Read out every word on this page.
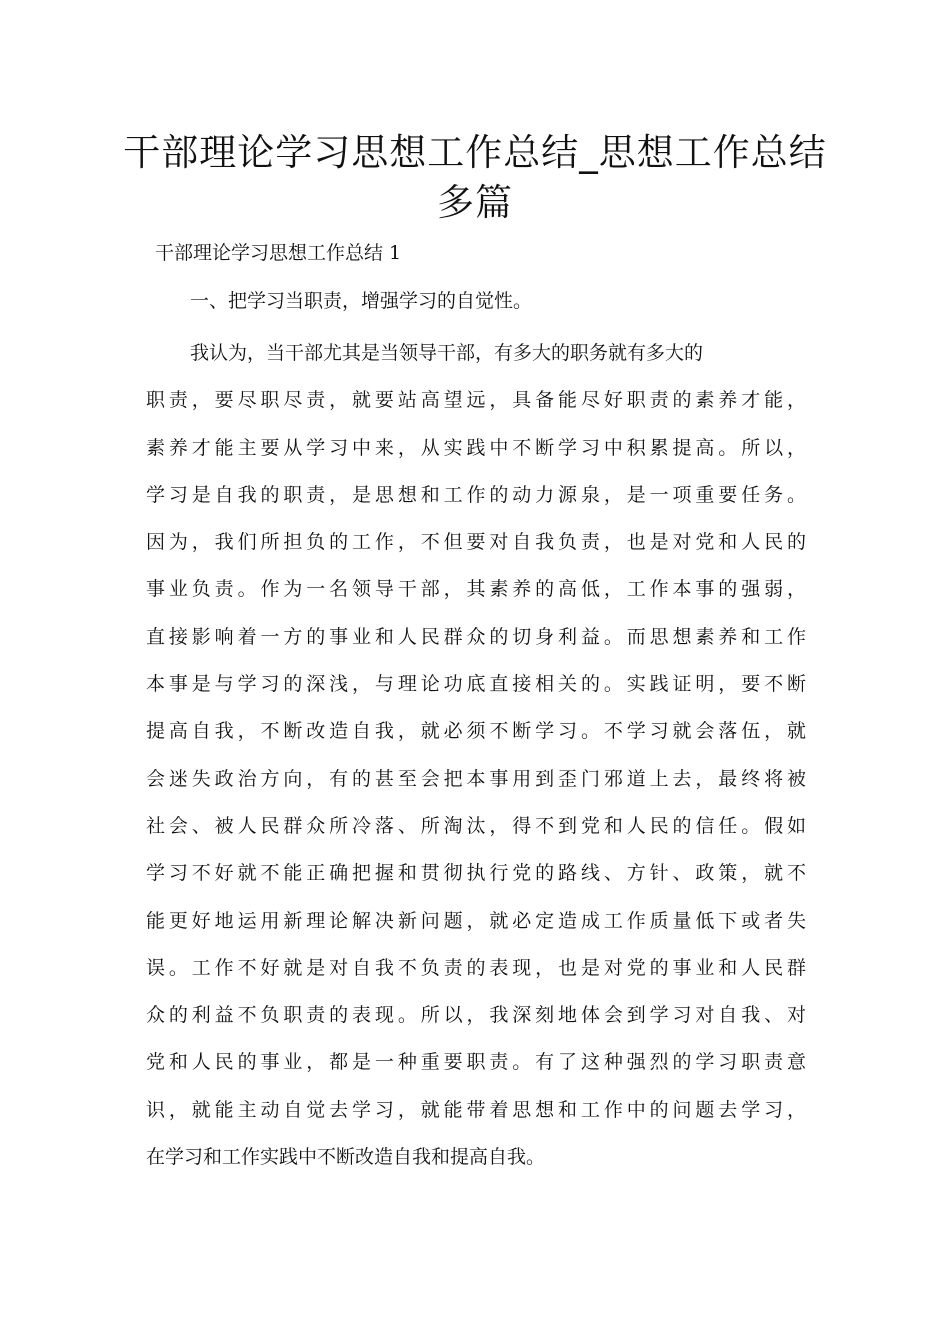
干部理论学习思想工作总结_思想工作总结多篇

干部理论学习思想工作总结 1

一、把学习当职责，增强学习的自觉性。

我认为，当干部尤其是当领导干部，有多大的职务就有多大的
职责，要尽职尽责，就要站高望远，具备能尽好职责的素养才能，
素养才能主要从学习中来，从实践中不断学习中积累提高。所以，
学习是自我的职责，是思想和工作的动力源泉，是一项重要任务。
因为，我们所担负的工作，不但要对自我负责，也是对党和人民的
事业负责。作为一名领导干部，其素养的高低，工作本事的强弱，
直接影响着一方的事业和人民群众的切身利益。而思想素养和工作
本事是与学习的深浅，与理论功底直接相关的。实践证明，要不断
提高自我，不断改造自我，就必须不断学习。不学习就会落伍，就
会迷失政治方向，有的甚至会把本事用到歪门邪道上去，最终将被
社会、被人民群众所冷落、所淘汰，得不到党和人民的信任。假如
学习不好就不能正确把握和贯彻执行党的路线、方针、政策，就不
能更好地运用新理论解决新问题，就必定造成工作质量低下或者失
误。工作不好就是对自我不负责的表现，也是对党的事业和人民群
众的利益不负职责的表现。所以，我深刻地体会到学习对自我、对
党和人民的事业，都是一种重要职责。有了这种强烈的学习职责意
识，就能主动自觉去学习，就能带着思想和工作中的问题去学习，
在学习和工作实践中不断改造自我和提高自我。
